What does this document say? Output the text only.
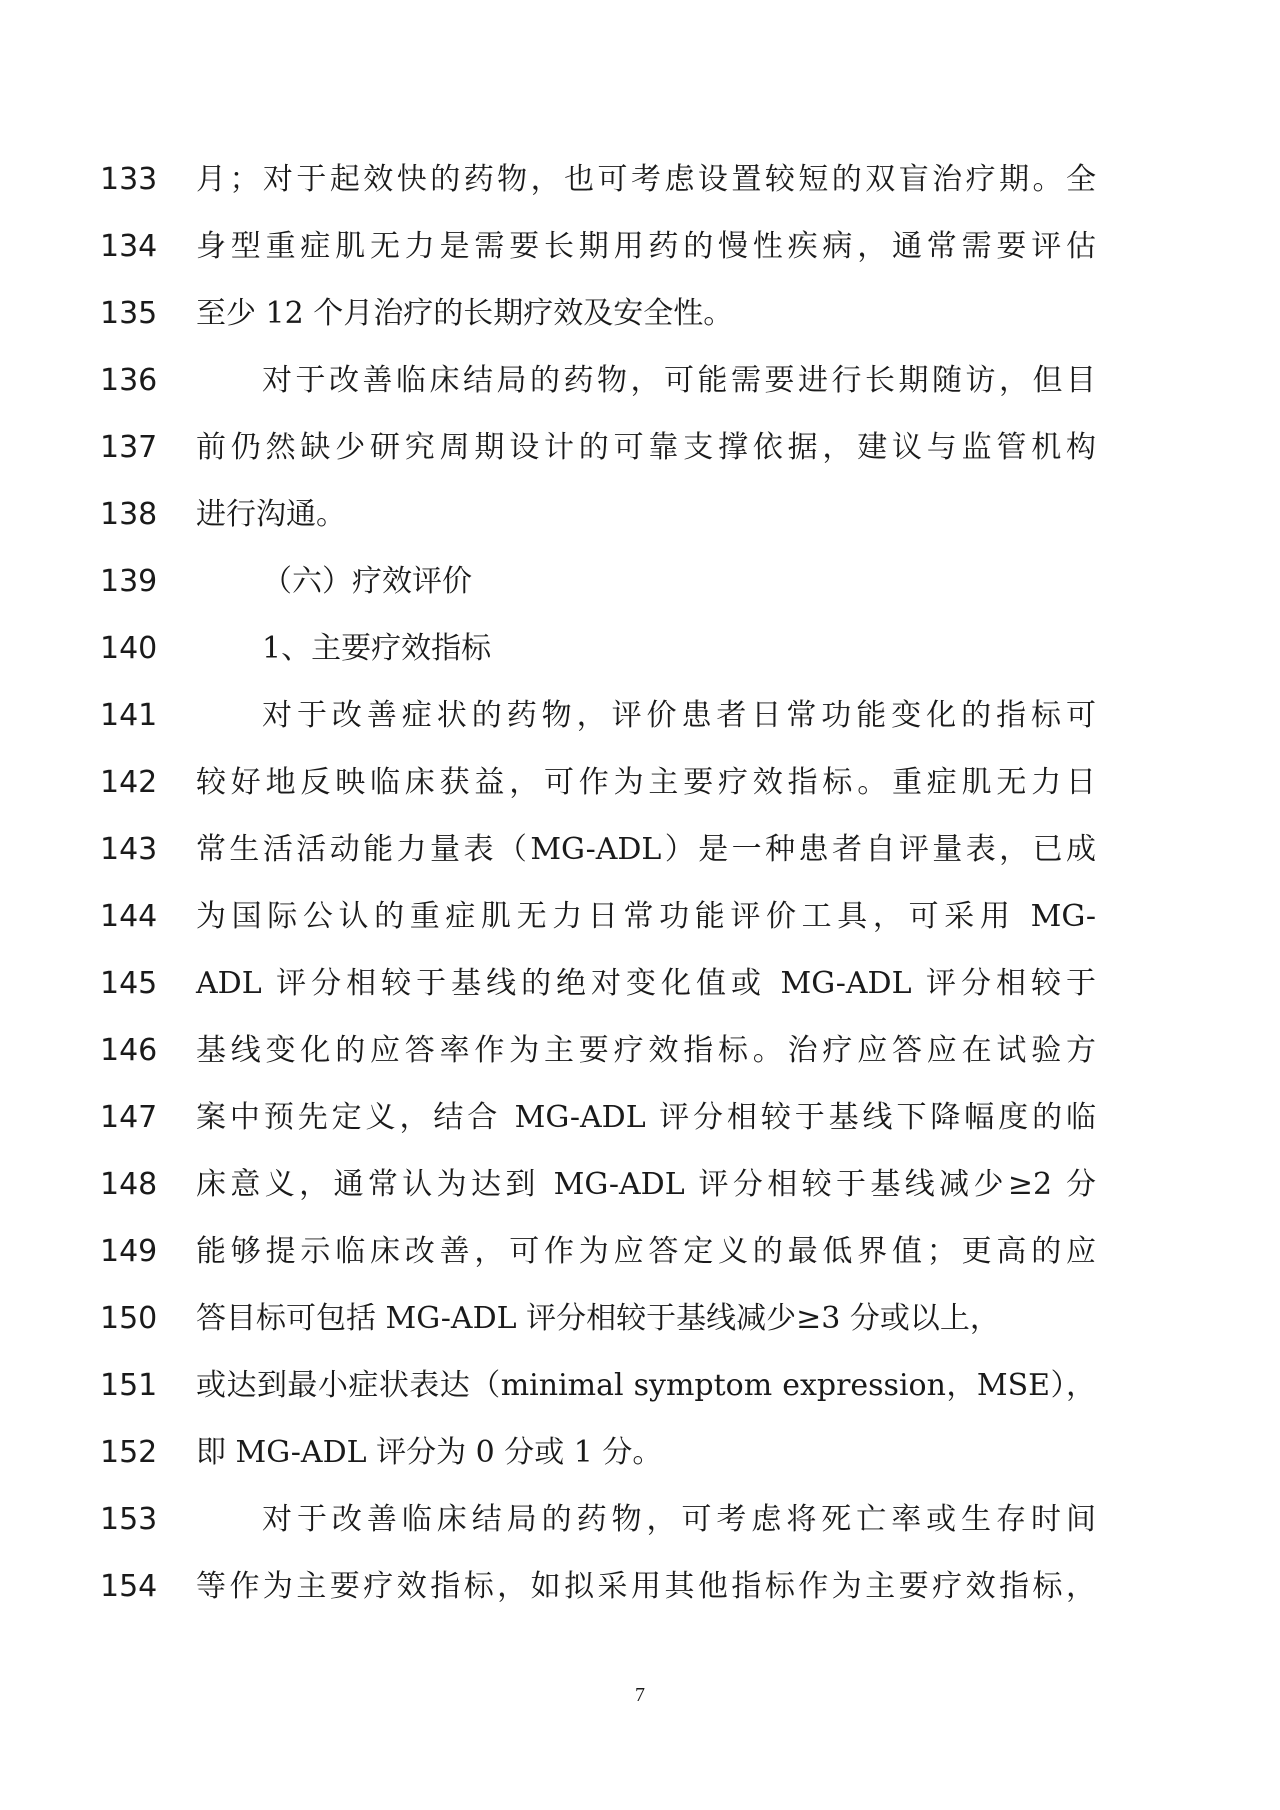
133 月；对于起效快的药物，也可考虑设置较短的双盲治疗期。全
134 身型重症肌无力是需要长期用药的慢性疾病，通常需要评估
135 至少 12 个月治疗的长期疗效及安全性。
136	对于改善临床结局的药物，可能需要进行长期随访，但目
137 前仍然缺少研究周期设计的可靠支撑依据，建议与监管机构
138 进行沟通。
139	（六）疗效评价
140	1、主要疗效指标
141	对于改善症状的药物，评价患者日常功能变化的指标可
142 较好地反映临床获益，可作为主要疗效指标。重症肌无力日
143 常生活活动能力量表（MG-ADL）是一种患者自评量表，已成
144 为国际公认的重症肌无力日常功能评价工具，可采用 MG-
145 ADL 评分相较于基线的绝对变化值或 MG-ADL 评分相较于
146 基线变化的应答率作为主要疗效指标。治疗应答应在试验方
147 案中预先定义，结合 MG-ADL 评分相较于基线下降幅度的临
148 床意义，通常认为达到 MG-ADL 评分相较于基线减少≥2 分
149 能够提示临床改善，可作为应答定义的最低界值；更高的应
150 答目标可包括 MG-ADL 评分相较于基线减少≥3 分或以上，
151 或达到最小症状表达（minimal symptom expression，MSE），
152 即 MG-ADL 评分为 0 分或 1 分。
153	对于改善临床结局的药物，可考虑将死亡率或生存时间
154 等作为主要疗效指标，如拟采用其他指标作为主要疗效指标，
7
